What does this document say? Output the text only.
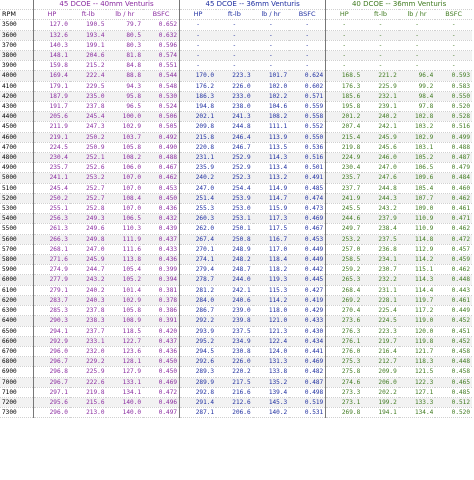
	45 DCOE -- 40mm Venturis				45 DCOE -- 36mm Venturis				40 DCOE -- 36mm Venturis			
RPM	HP	ft-lb	lb / hr	BSFC	HP	ft-lb	lb / hr	BSFC	HP	ft-lb	lb / hr	BSFC
3500	127.0	190.5	79.7	0.652	-	-	-	-	-	-	-	-
3600	132.6	193.4	80.5	0.632	-	-	-	-	-	-	-	-
3700	140.3	199.1	80.3	0.596	-	-	-	-	-	-	-	-
3800	148.1	204.6	81.8	0.574	-	-	-	-	-	-	-	-
3900	159.8	215.2	84.8	0.551	-	-	-	-	-	-	-	-
4000	169.4	222.4	88.8	0.544	170.0	223.3	101.7	0.624	168.5	221.2	96.4	0.593
4100	179.1	229.5	94.3	0.548	176.2	226.0	102.0	0.602	176.3	225.9	99.2	0.583
4200	187.9	235.0	95.8	0.530	186.3	233.0	102.2	0.571	185.6	232.1	98.4	0.550
4300	191.7	237.8	96.5	0.524	194.8	238.0	104.6	0.559	195.8	239.1	97.8	0.520
4400	205.6	245.4	100.0	0.506	202.1	241.3	108.2	0.558	201.2	240.2	102.8	0.528
4500	211.9	247.3	102.9	0.505	209.8	244.8	111.1	0.552	207.4	242.1	103.2	0.516
4600	219.1	250.2	103.7	0.492	215.8	246.4	113.9	0.550	215.4	245.9	102.9	0.499
4700	224.5	250.9	105.8	0.490	220.8	246.7	113.5	0.536	219.8	245.6	103.1	0.488
4800	230.4	252.1	108.2	0.488	231.1	252.9	114.3	0.516	224.9	246.0	105.2	0.487
4900	235.7	252.6	106.0	0.467	235.9	252.9	113.4	0.501	230.4	247.0	106.5	0.479
5000	241.1	253.2	107.0	0.462	240.2	252.3	113.2	0.491	235.7	247.6	109.6	0.484
5100	245.4	252.7	107.0	0.453	247.0	254.4	114.9	0.485	237.7	244.8	105.4	0.460
5200	250.2	252.7	108.4	0.450	251.4	253.9	114.7	0.474	241.9	244.3	107.7	0.462
5300	255.1	252.8	107.0	0.436	255.3	253.0	115.9	0.473	245.5	243.2	109.0	0.461
5400	256.3	249.3	106.5	0.432	260.3	253.1	117.3	0.469	244.6	237.9	110.9	0.471
5500	261.3	249.6	110.3	0.439	262.0	250.1	117.5	0.467	249.7	238.4	110.9	0.462
5600	266.3	249.8	111.9	0.437	267.4	250.8	116.7	0.453	253.2	237.5	114.8	0.472
5700	268.1	247.0	111.6	0.433	270.1	248.9	117.0	0.449	257.0	236.8	112.9	0.457
5800	271.6	245.9	113.8	0.436	274.1	248.2	118.4	0.449	258.5	234.1	114.2	0.459
5900	274.9	244.7	105.4	0.399	279.4	248.7	118.2	0.442	259.2	230.7	115.1	0.462
6000	277.9	243.2	105.2	0.394	278.7	244.0	119.3	0.445	265.3	232.2	114.3	0.448
6100	279.1	240.2	101.4	0.381	281.2	242.1	115.3	0.427	268.4	231.1	114.4	0.443
6200	283.7	240.3	102.9	0.378	284.0	240.6	114.2	0.419	269.2	228.1	119.7	0.461
6300	285.3	237.8	105.8	0.386	286.7	239.0	118.0	0.429	270.4	225.4	117.2	0.449
6400	290.3	238.3	108.9	0.391	292.2	239.8	121.0	0.433	273.6	224.5	119.0	0.452
6500	294.1	237.7	118.5	0.420	293.9	237.5	121.3	0.430	276.3	223.3	120.0	0.451
6600	292.9	233.1	122.7	0.437	295.2	234.9	122.4	0.434	276.1	219.7	119.8	0.452
6700	296.0	232.0	123.6	0.436	294.5	230.8	124.0	0.441	276.0	216.4	121.7	0.458
6800	296.7	229.2	128.1	0.450	292.6	226.0	131.3	0.469	275.3	212.7	118.3	0.448
6900	296.8	225.9	127.9	0.450	289.3	220.2	133.8	0.482	275.8	209.9	121.5	0.458
7000	296.7	222.6	133.1	0.469	289.9	217.5	135.2	0.487	274.6	206.0	122.3	0.465
7100	297.1	219.8	134.1	0.472	292.8	216.6	139.4	0.498	273.3	202.2	127.1	0.485
7200	295.6	215.6	140.0	0.496	291.4	212.6	145.3	0.519	273.1	199.2	133.3	0.512
7300	296.0	213.0	140.0	0.497	287.1	206.6	140.2	0.531	269.8	194.1	134.4	0.520
